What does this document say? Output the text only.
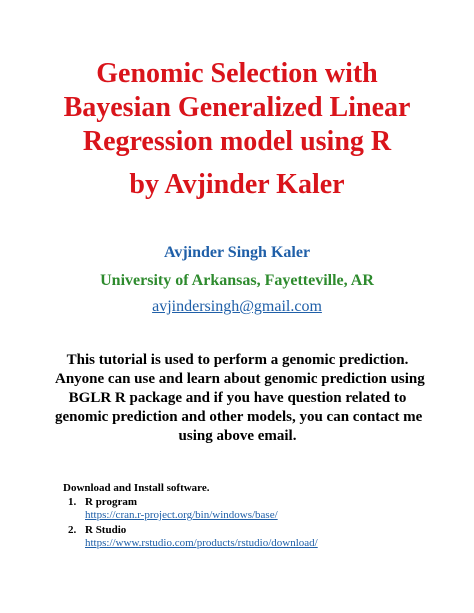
Genomic Selection with
Bayesian Generalized Linear
Regression model using R
by Avjinder Kaler
Avjinder Singh Kaler
University of Arkansas, Fayetteville, AR
avjindersingh@gmail.com
This tutorial is used to perform a genomic prediction.
Anyone can use and learn about genomic prediction using
BGLR R package and if you have question related to
genomic prediction and other models, you can contact me
using above email.
Download and Install software.
1. R program
https://cran.r-project.org/bin/windows/base/
2. R Studio
https://www.rstudio.com/products/rstudio/download/
